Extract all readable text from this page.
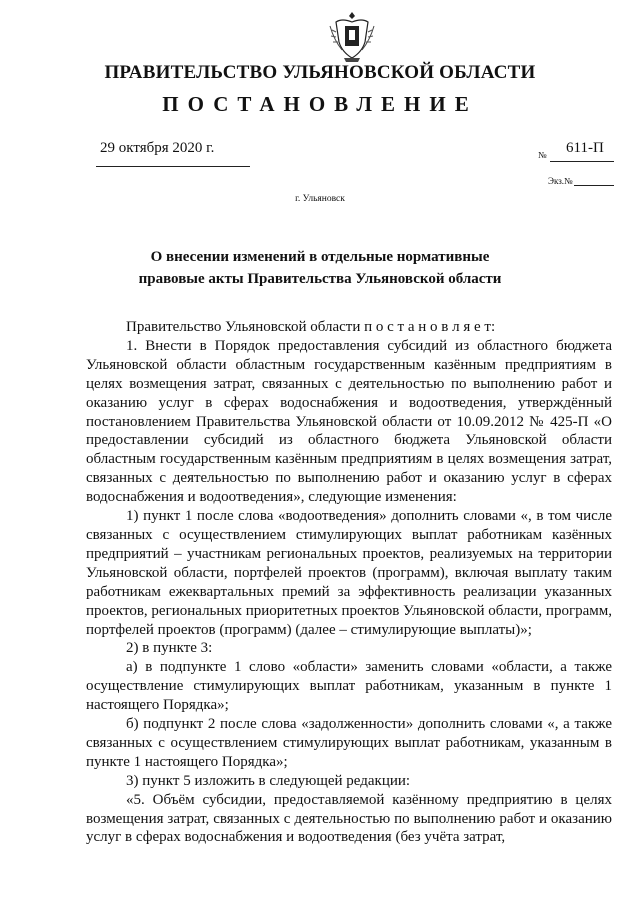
ПРАВИТЕЛЬСТВО УЛЬЯНОВСКОЙ ОБЛАСТИ
ПОСТАНОВЛЕНИЕ
29 октября 2020 г.	№ 611-П
Экз.№
г. Ульяновск
О внесении изменений в отдельные нормативные
правовые акты Правительства Ульяновской области

Правительство Ульяновской области п о с т а н о в л я е т:

1. Внести в Порядок предоставления субсидий из областного бюджета Ульяновской области областным государственным казённым предприятиям в целях возмещения затрат, связанных с деятельностью по выполнению работ и оказанию услуг в сферах водоснабжения и водоотведения, утверждённый постановлением Правительства Ульяновской области от 10.09.2012 № 425-П «О предоставлении субсидий из областного бюджета Ульяновской области областным государственным казённым предприятиям в целях возмещения затрат, связанных с деятельностью по выполнению работ и оказанию услуг в сферах водоснабжения и водоотведения», следующие изменения:

1) пункт 1 после слова «водоотведения» дополнить словами «, в том числе связанных с осуществлением стимулирующих выплат работникам казённых предприятий – участникам региональных проектов, реализуемых на территории Ульяновской области, портфелей проектов (программ), включая выплату таким работникам ежеквартальных премий за эффективность реализации указанных проектов, региональных приоритетных проектов Ульяновской области, программ, портфелей проектов (программ) (далее – стимулирующие выплаты)»;

2) в пункте 3:

а) в подпункте 1 слово «области» заменить словами «области, а также осуществление стимулирующих выплат работникам, указанным в пункте 1 настоящего Порядка»;

б) подпункт 2 после слова «задолженности» дополнить словами «, а также связанных с осуществлением стимулирующих выплат работникам, указанным в пункте 1 настоящего Порядка»;

3) пункт 5 изложить в следующей редакции:

«5. Объём субсидии, предоставляемой казённому предприятию в целях возмещения затрат, связанных с деятельностью по выполнению работ и оказанию услуг в сферах водоснабжения и водоотведения (без учёта затрат,
